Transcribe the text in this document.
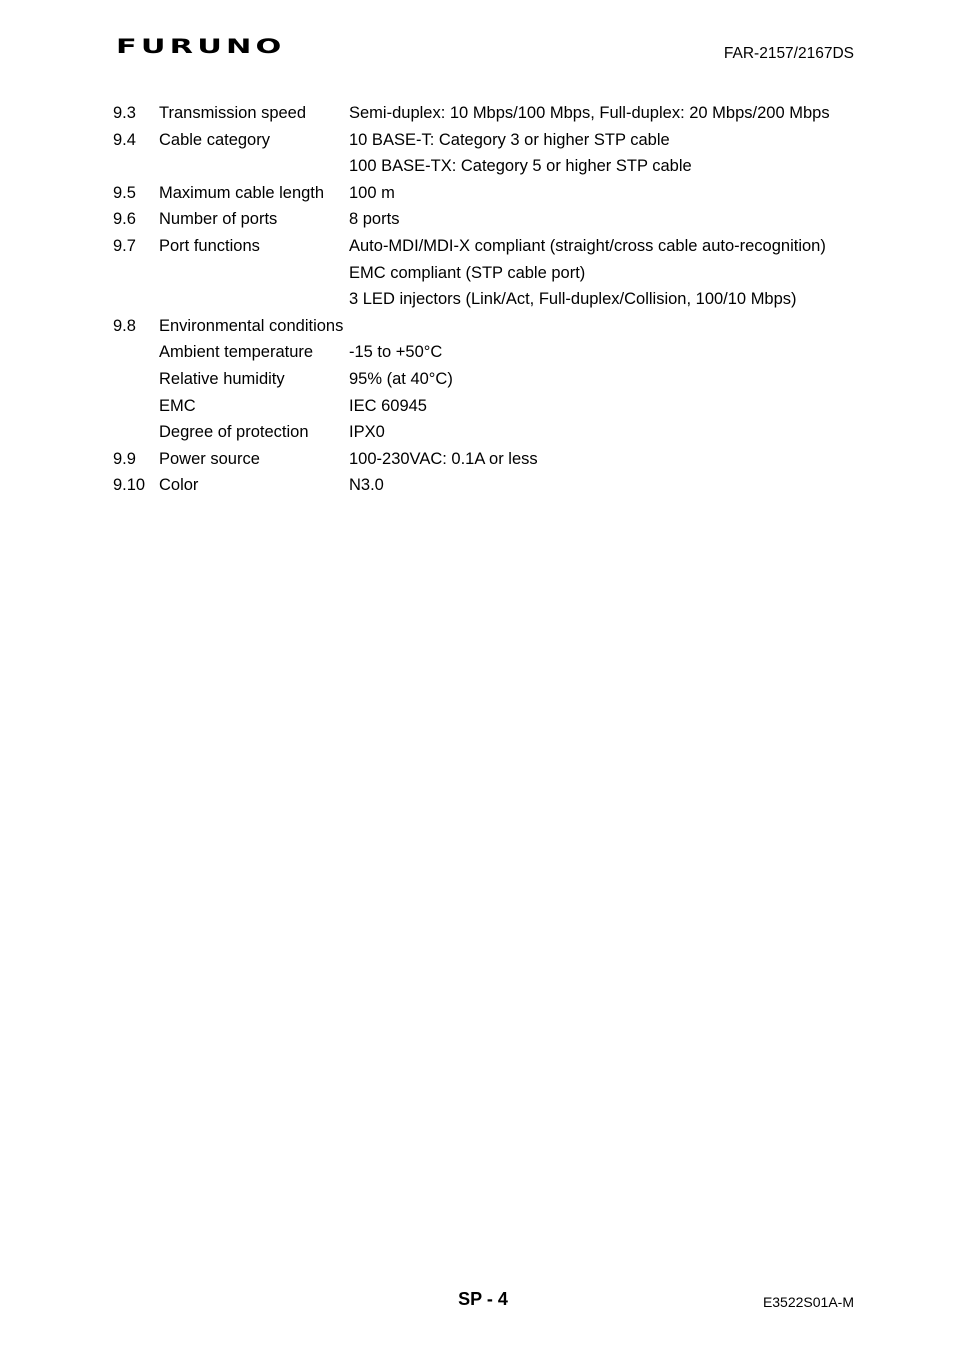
FURUNO	FAR-2157/2167DS
9.3 Transmission speed	Semi-duplex: 10 Mbps/100 Mbps, Full-duplex: 20 Mbps/200 Mbps
9.4 Cable category	10 BASE-T: Category 3 or higher STP cable
100 BASE-TX: Category 5 or higher STP cable
9.5 Maximum cable length 100 m
9.6 Number of ports	8 ports
9.7 Port functions	Auto-MDI/MDI-X compliant (straight/cross cable auto-recognition)
EMC compliant (STP cable port)
3 LED injectors (Link/Act, Full-duplex/Collision, 100/10 Mbps)
9.8 Environmental conditions
Ambient temperature -15 to +50°C
Relative humidity	95% (at 40°C)
EMC	IEC 60945
Degree of protection IPX0
9.9 Power source	100-230VAC: 0.1A or less
9.10 Color	N3.0
SP - 4	E3522S01A-M
